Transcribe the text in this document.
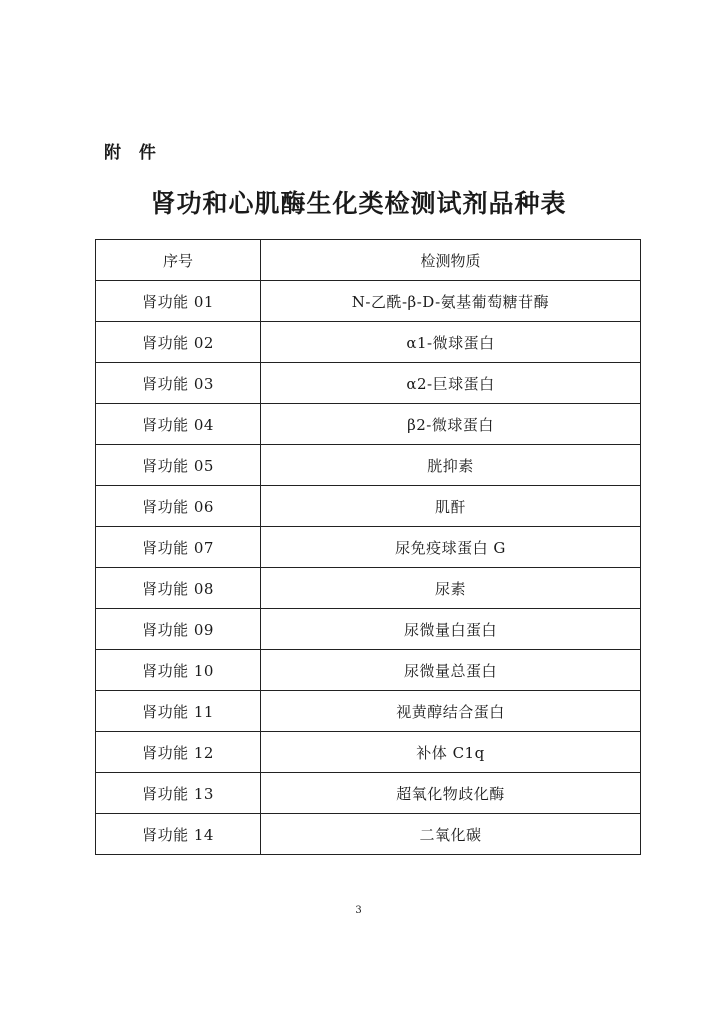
附 件
肾功和心肌酶生化类检测试剂品种表
序号	检测物质
肾功能 01	N-乙酰-β-D-氨基葡萄糖苷酶
肾功能 02	α1-微球蛋白
肾功能 03	α2-巨球蛋白
肾功能 04	β2-微球蛋白
肾功能 05	胱抑素
肾功能 06	肌酐
肾功能 07	尿免疫球蛋白 G
肾功能 08	尿素
肾功能 09	尿微量白蛋白
肾功能 10	尿微量总蛋白
肾功能 11	视黄醇结合蛋白
肾功能 12	补体 C1q
肾功能 13	超氧化物歧化酶
肾功能 14	二氧化碳
3
